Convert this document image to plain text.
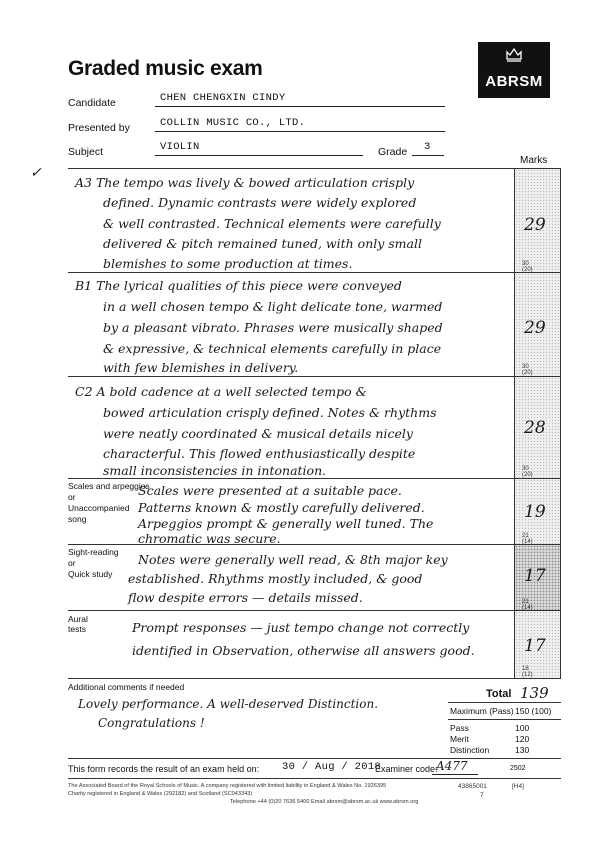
Graded music exam
ABRSM
Candidate	CHEN CHENGXIN CINDY
Presented by	COLLIN MUSIC CO., LTD.
Subject	VIOLIN	Grade 3
Marks
✓
A3 The tempo was lively & bowed articulation crisply
defined. Dynamic contrasts were widely explored
& well contrasted. Technical elements were carefully
delivered & pitch remained tuned, with only small
blemishes to some production at times.
29
30 (20)
B1 The lyrical qualities of this piece were conveyed
in a well chosen tempo & light delicate tone, warmed
by a pleasant vibrato. Phrases were musically shaped
& expressive, & technical elements carefully in place
with few blemishes in delivery.
29
30 (20)
C2 A bold cadence at a well selected tempo &
bowed articulation crisply defined. Notes & rhythms
were neatly coordinated & musical details nicely
characterful. This flowed enthusiastically despite
small inconsistencies in intonation.
28
30 (20)
Scales and arpeggios
or
Unaccompanied
song
Scales were presented at a suitable pace.
Patterns known & mostly carefully delivered.
Arpeggios prompt & generally well tuned. The
chromatic was secure.
19
21 (14)
Sight-reading
or
Quick study
Notes were generally well read, & 8th major key
established. Rhythms mostly included, & good
flow despite errors — details missed.
17
21 (14)
Aural tests	Prompt responses — just tempo change not correctly
identified in Observation, otherwise all answers good.	17
18 (12)
Additional comments if needed
Lovely performance. A well-deserved Distinction.
Congratulations !
Total 139
Maximum (Pass) 150 (100)
Pass	100
Merit	120
Distinction	130
This form records the result of an exam held on: 30 / Aug / 2018
Examiner code:
A477	2502
The Associated Board of the Royal Schools of Music. A company registered with limited liability in England & Wales No. 1926395
Charity registered in England & Wales (292182) and Scotland (SC043343)
Telephone +44 (0)20 7636 5400 Email abrsm@abrsm.ac.uk www.abrsm.org
43865001	[H4]
7
